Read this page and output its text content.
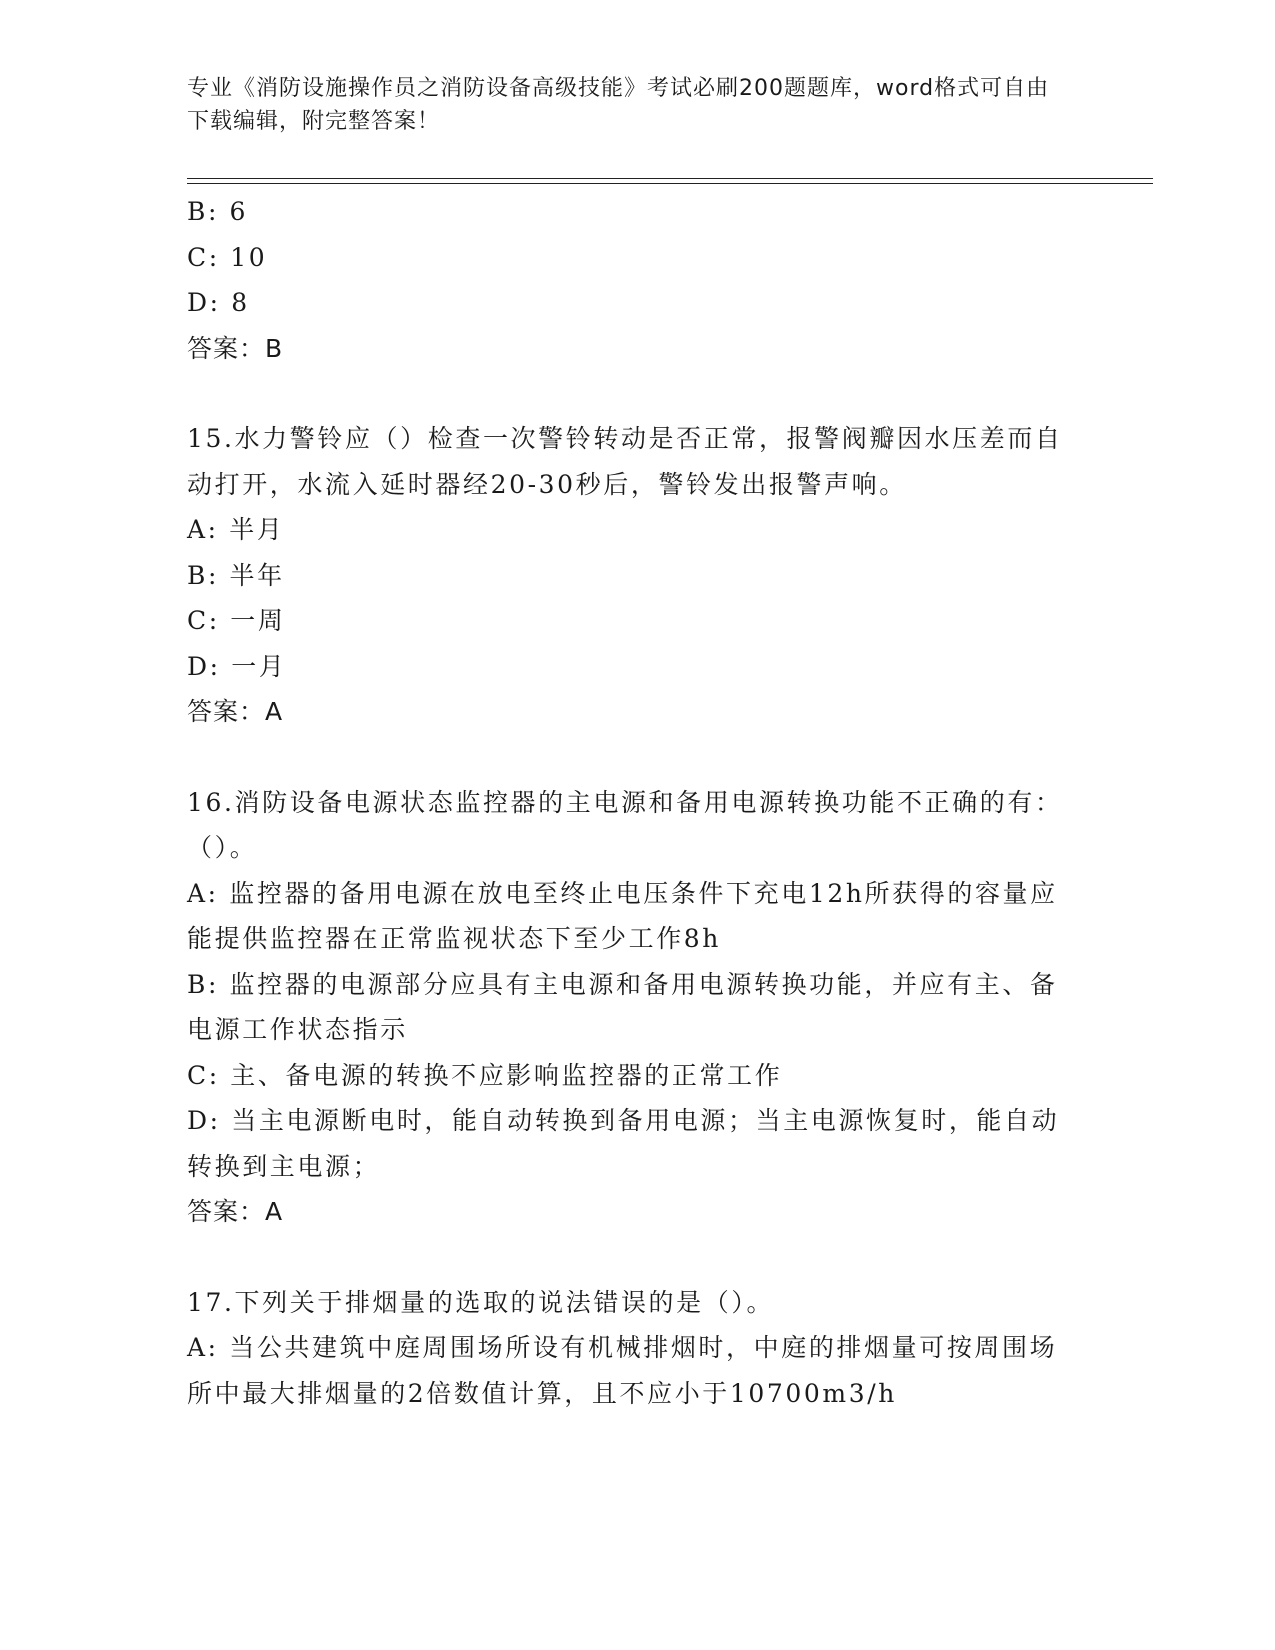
专业《消防设施操作员之消防设备高级技能》考试必刷200题题库，word格式可自由下载编辑，附完整答案！
B: 6
C: 10
D: 8
答案：B
15.水力警铃应（）检查一次警铃转动是否正常，报警阀瓣因水压差而自动打开，水流入延时器经20-30秒后，警铃发出报警声响。
A: 半月
B: 半年
C: 一周
D: 一月
答案：A
16.消防设备电源状态监控器的主电源和备用电源转换功能不正确的有：（）。
A: 监控器的备用电源在放电至终止电压条件下充电12h所获得的容量应能提供监控器在正常监视状态下至少工作8h
B: 监控器的电源部分应具有主电源和备用电源转换功能，并应有主、备电源工作状态指示
C: 主、备电源的转换不应影响监控器的正常工作
D: 当主电源断电时，能自动转换到备用电源；当主电源恢复时，能自动转换到主电源；
答案：A
17.下列关于排烟量的选取的说法错误的是（）。
A: 当公共建筑中庭周围场所设有机械排烟时，中庭的排烟量可按周围场所中最大排烟量的2倍数值计算，且不应小于10700m3/h
